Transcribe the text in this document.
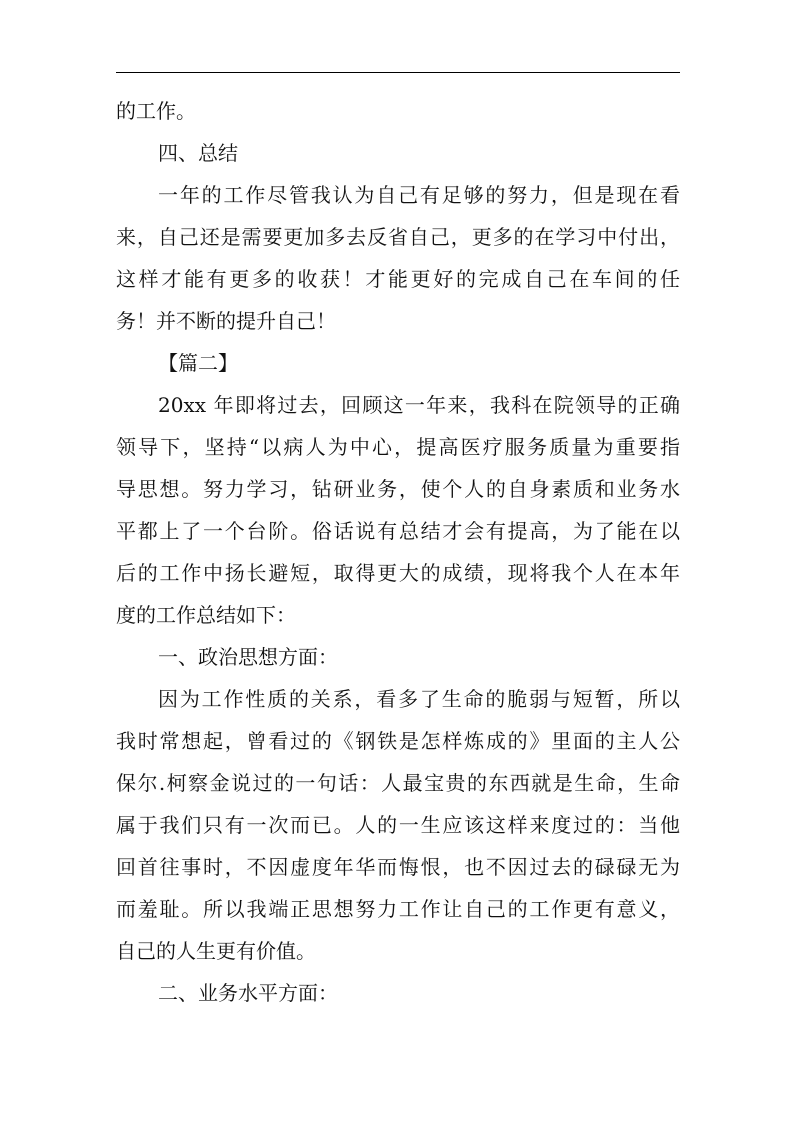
的工作。
四、总结
一年的工作尽管我认为自己有足够的努力，但是现在看
来，自己还是需要更加多去反省自己，更多的在学习中付出，
这样才能有更多的收获！才能更好的完成自己在车间的任
务！并不断的提升自己！
【篇二】
20xx 年即将过去，回顾这一年来，我科在院领导的正确
领导下，坚持“以病人为中心，提高医疗服务质量为重要指
导思想。努力学习，钻研业务，使个人的自身素质和业务水
平都上了一个台阶。俗话说有总结才会有提高，为了能在以
后的工作中扬长避短，取得更大的成绩，现将我个人在本年
度的工作总结如下：
一、政治思想方面：
因为工作性质的关系，看多了生命的脆弱与短暂，所以
我时常想起，曾看过的《钢铁是怎样炼成的》里面的主人公
保尔.柯察金说过的一句话：人最宝贵的东西就是生命，生命
属于我们只有一次而已。人的一生应该这样来度过的：当他
回首往事时，不因虚度年华而悔恨，也不因过去的碌碌无为
而羞耻。所以我端正思想努力工作让自己的工作更有意义，
自己的人生更有价值。
二、业务水平方面：
